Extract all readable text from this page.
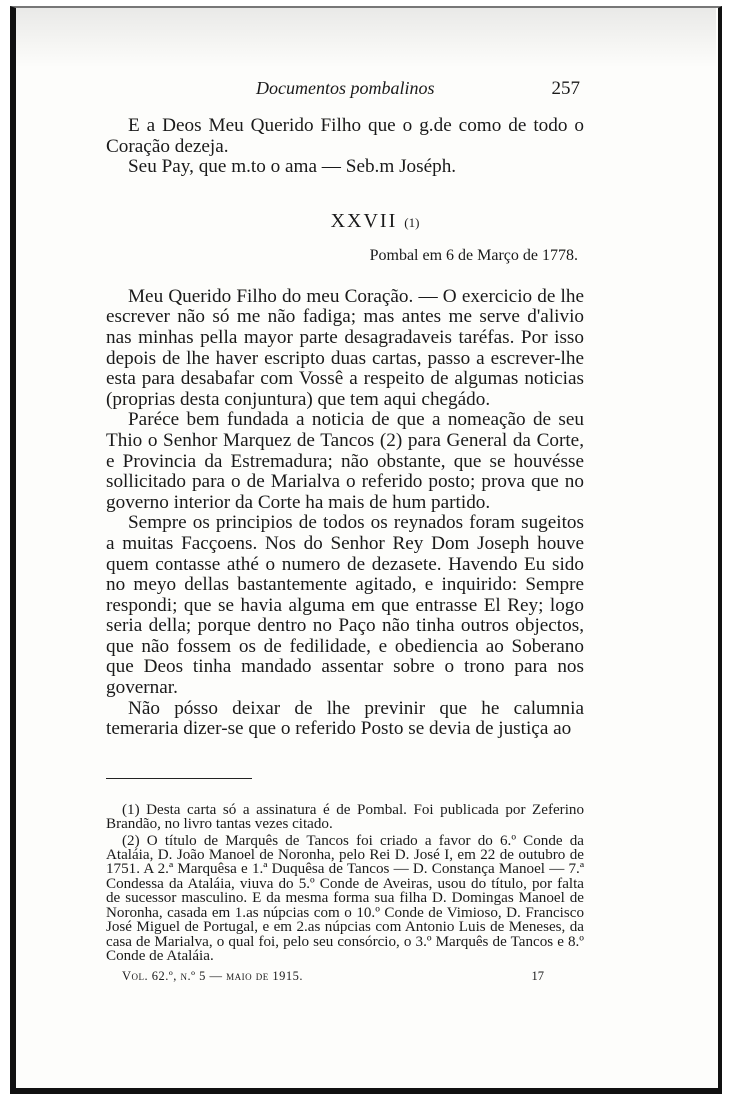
Documentos pombalinos	257

E a Deos Meu Querido Filho que o g.de como de todo o Coração dezeja.

Seu Pay, que m.to o ama — Seb.m Joséph.

XXVII (1)
Pombal em 6 de Março de 1778.

Meu Querido Filho do meu Coração. — O exercicio de lhe escrever não só me não fadiga; mas antes me serve d'alivio nas minhas pella mayor parte desagradaveis taréfas. Por isso depois de lhe haver escripto duas cartas, passo a escrever-lhe esta para desabafar com Vossê a respeito de algumas noticias (proprias desta conjuntura) que tem aqui chegádo.

Parécе bem fundada a noticia de que a nomeação de seu Thio o Senhor Marquez de Tancos (2) para General da Corte, e Provincia da Estremadura; não obstante, que se houvésse sollicitado para o de Marialva o referido posto; prova que no governo interior da Corte ha mais de hum partido.

Sempre os principios de todos os reynados foram sugeitos a muitas Facçoens. Nos do Senhor Rey Dom Joseph houve quem contasse athé o numero de dezasete. Havendo Eu sido no meyo dellas bastantemente agitado, e inquirido: Sempre respondi; que se havia alguma em que entrasse El Rey; logo seria della; porque dentro no Paço não tinha outros objectos, que não fossem os de fedilidade, e obediencia ao Soberano que Deos tinha mandado assentar sobre o trono para nos governar.

Não pósso deixar de lhe previnir que he calumnia temeraria dizer-se que o referido Posto se devia de justiça ao

(1) Desta carta só a assinatura é de Pombal. Foi publicada por Zeferino Brandão, no livro tantas vezes citado.

(2) O título de Marquês de Tancos foi criado a favor do 6.º Conde da Ataláia, D. João Manoel de Noronha, pelo Rei D. José I, em 22 de outubro de 1751. A 2.ª Marquêsa e 1.ª Duquêsa de Tancos — D. Constança Manoel — 7.ª Condessa da Ataláia, viuva do 5.º Conde de Aveiras, usou do título, por falta de sucessor masculino. E da mesma forma sua filha D. Domingas Manoel de Noronha, casada em 1.as núpcias com o 10.º Conde de Vimioso, D. Francisco José Miguel de Portugal, e em 2.as núpcias com Antonio Luis de Meneses, da casa de Marialva, o qual foi, pelo seu consórcio, o 3.º Marquês de Tancos e 8.º Conde de Ataláia.

Vol. 62.º, n.º 5 — maio de 1915.	17
